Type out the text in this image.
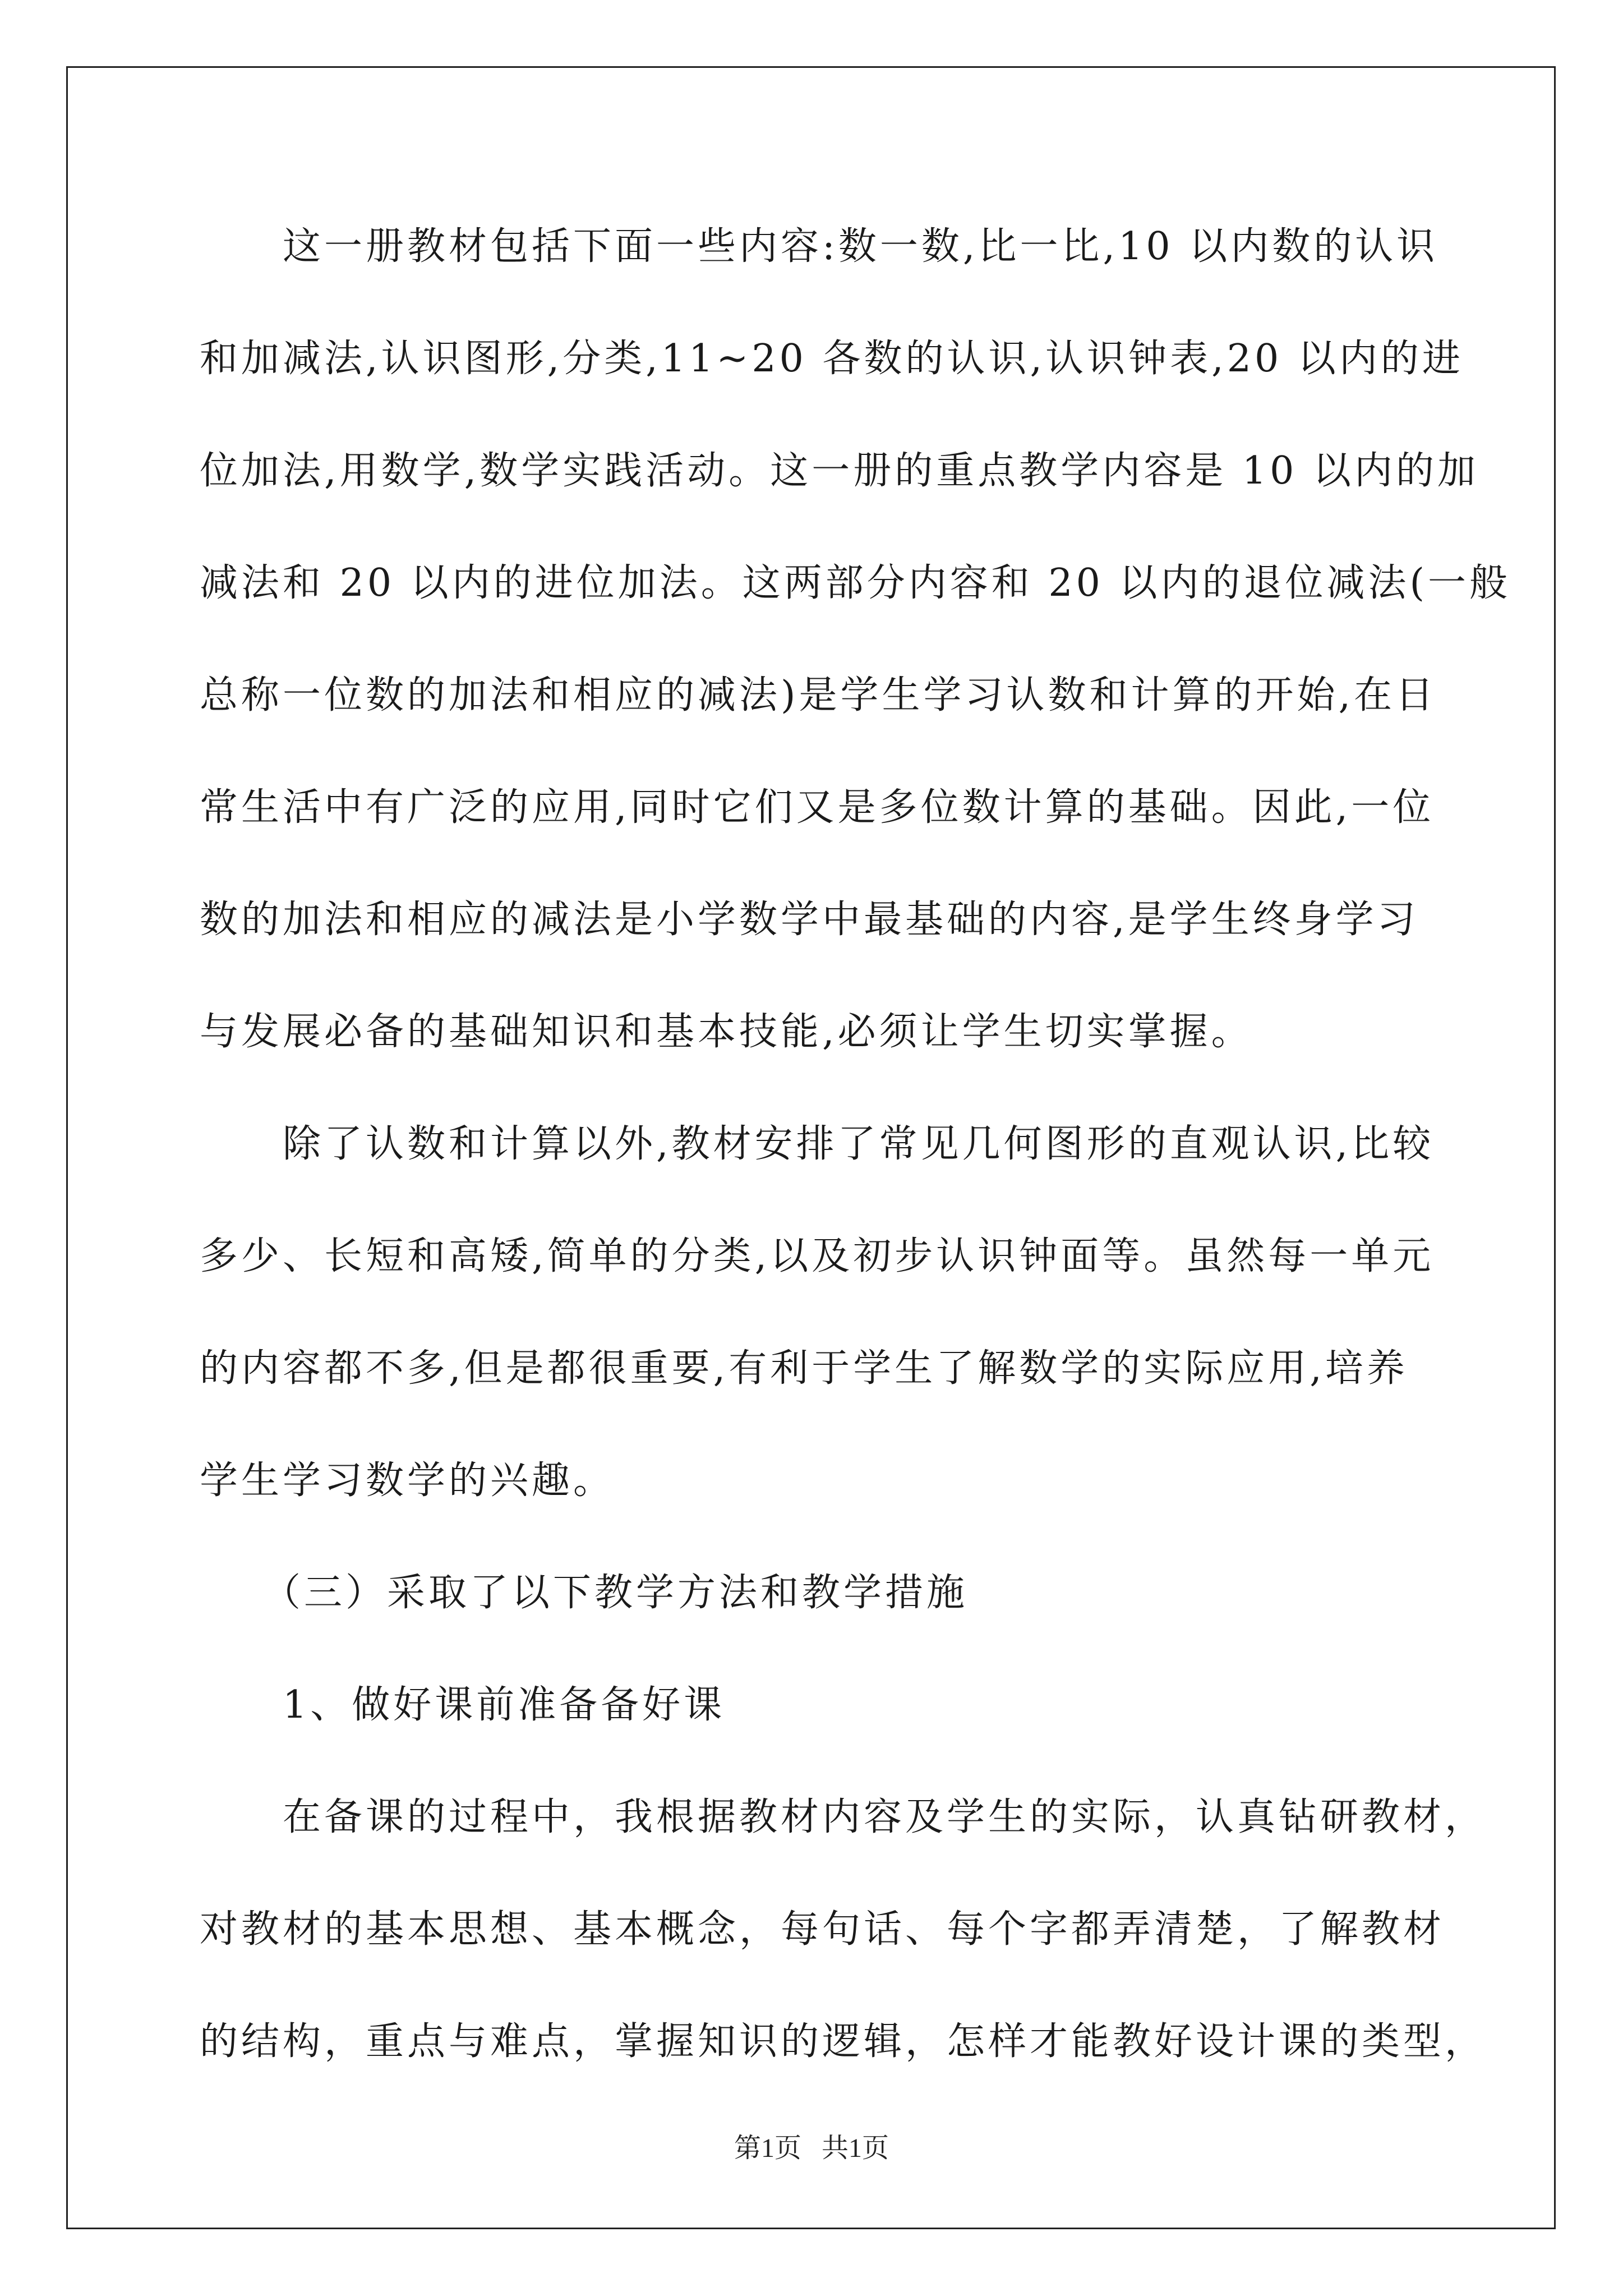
这一册教材包括下面一些内容:数一数,比一比,10 以内数的认识
和加减法,认识图形,分类,11~20 各数的认识,认识钟表,20 以内的进
位加法,用数学,数学实践活动。这一册的重点教学内容是 10 以内的加
减法和 20 以内的进位加法。这两部分内容和 20 以内的退位减法(一般
总称一位数的加法和相应的减法)是学生学习认数和计算的开始,在日
常生活中有广泛的应用,同时它们又是多位数计算的基础。因此,一位
数的加法和相应的减法是小学数学中最基础的内容,是学生终身学习
与发展必备的基础知识和基本技能,必须让学生切实掌握。
除了认数和计算以外,教材安排了常见几何图形的直观认识,比较
多少、长短和高矮,简单的分类,以及初步认识钟面等。虽然每一单元
的内容都不多,但是都很重要,有利于学生了解数学的实际应用,培养
学生学习数学的兴趣。
（三）采取了以下教学方法和教学措施
1、做好课前准备备好课
在备课的过程中，我根据教材内容及学生的实际，认真钻研教材，
对教材的基本思想、基本概念，每句话、每个字都弄清楚，了解教材
的结构，重点与难点，掌握知识的逻辑，怎样才能教好设计课的类型，
第1页   共1页
